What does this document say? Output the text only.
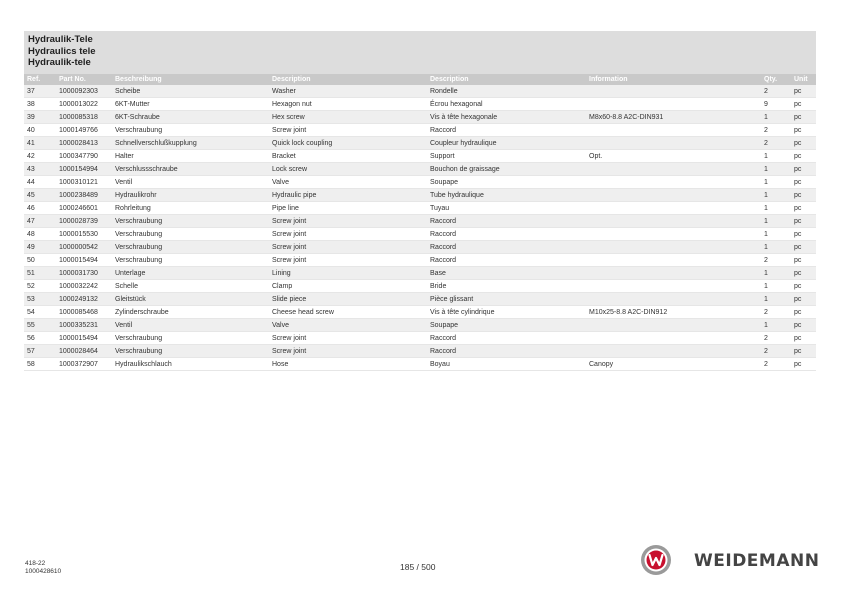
Hydraulik-Tele
Hydraulics tele
Hydraulik-tele
Ref.	Part No.	Beschreibung	Description	Description	Information	Qty.	Unit
37	1000092303	Scheibe	Washer	Rondelle		2	pc
38	1000013022	6KT-Mutter	Hexagon nut	Écrou hexagonal		9	pc
39	1000085318	6KT-Schraube	Hex screw	Vis à tête hexagonale	M8x60-8.8 A2C-DIN931	1	pc
40	1000149766	Verschraubung	Screw joint	Raccord		2	pc
41	1000028413	Schnellverschlußkupplung	Quick lock coupling	Coupleur hydraulique		2	pc
42	1000347790	Halter	Bracket	Support	Opt.	1	pc
43	1000154994	Verschlussschraube	Lock screw	Bouchon de graissage		1	pc
44	1000310121	Ventil	Valve	Soupape		1	pc
45	1000238489	Hydraulikrohr	Hydraulic pipe	Tube hydraulique		1	pc
46	1000246601	Rohrleitung	Pipe line	Tuyau		1	pc
47	1000028739	Verschraubung	Screw joint	Raccord		1	pc
48	1000015530	Verschraubung	Screw joint	Raccord		1	pc
49	1000000542	Verschraubung	Screw joint	Raccord		1	pc
50	1000015494	Verschraubung	Screw joint	Raccord		2	pc
51	1000031730	Unterlage	Lining	Base		1	pc
52	1000032242	Schelle	Clamp	Bride		1	pc
53	1000249132	Gleitstück	Slide piece	Pièce glissant		1	pc
54	1000085468	Zylinderschraube	Cheese head screw	Vis à tête cylindrique	M10x25-8.8 A2C-DIN912	2	pc
55	1000335231	Ventil	Valve	Soupape		1	pc
56	1000015494	Verschraubung	Screw joint	Raccord		2	pc
57	1000028464	Verschraubung	Screw joint	Raccord		2	pc
58	1000372907	Hydraulikschlauch	Hose	Boyau	Canopy	2	pc
418-22
1000428610	185 / 500	WEIDEMANN
